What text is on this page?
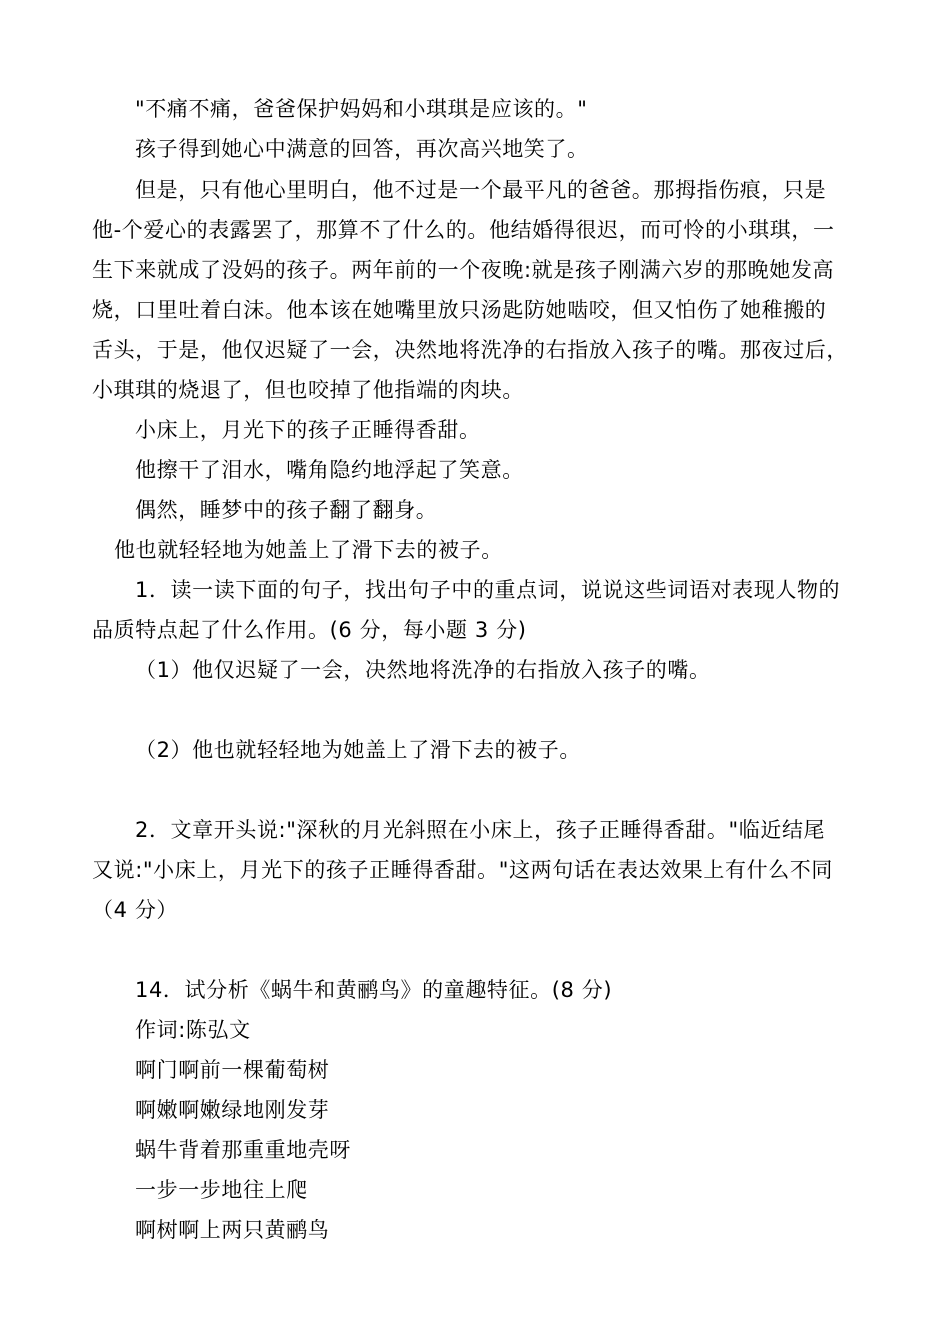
"不痛不痛，爸爸保护妈妈和小琪琪是应该的。"
孩子得到她心中满意的回答，再次高兴地笑了。
但是，只有他心里明白，他不过是一个最平凡的爸爸。那拇指伤痕，只是
他-个爱心的表露罢了，那算不了什么的。他结婚得很迟，而可怜的小琪琪，一
生下来就成了没妈的孩子。两年前的一个夜晚:就是孩子刚满六岁的那晚她发高
烧，口里吐着白沫。他本该在她嘴里放只汤匙防她啮咬，但又怕伤了她稚搬的
舌头，于是，他仅迟疑了一会，决然地将洗净的右指放入孩子的嘴。那夜过后，
小琪琪的烧退了，但也咬掉了他指端的肉块。
小床上，月光下的孩子正睡得香甜。
他擦干了泪水，嘴角隐约地浮起了笑意。
偶然，睡梦中的孩子翻了翻身。
他也就轻轻地为她盖上了滑下去的被子。
1．读一读下面的句子，找出句子中的重点词，说说这些词语对表现人物的
品质特点起了什么作用。(6 分，每小题 3 分)
（1）他仅迟疑了一会，决然地将洗净的右指放入孩子的嘴。
（2）他也就轻轻地为她盖上了滑下去的被子。
2．文章开头说:"深秋的月光斜照在小床上，孩子正睡得香甜。"临近结尾
又说:"小床上，月光下的孩子正睡得香甜。"这两句话在表达效果上有什么不同
（4 分）
14．试分析《蜗牛和黄鹂鸟》的童趣特征。(8 分)
作词:陈弘文
啊门啊前一棵葡萄树
啊嫩啊嫩绿地刚发芽
蜗牛背着那重重地壳呀
一步一步地往上爬
啊树啊上两只黄鹂鸟
